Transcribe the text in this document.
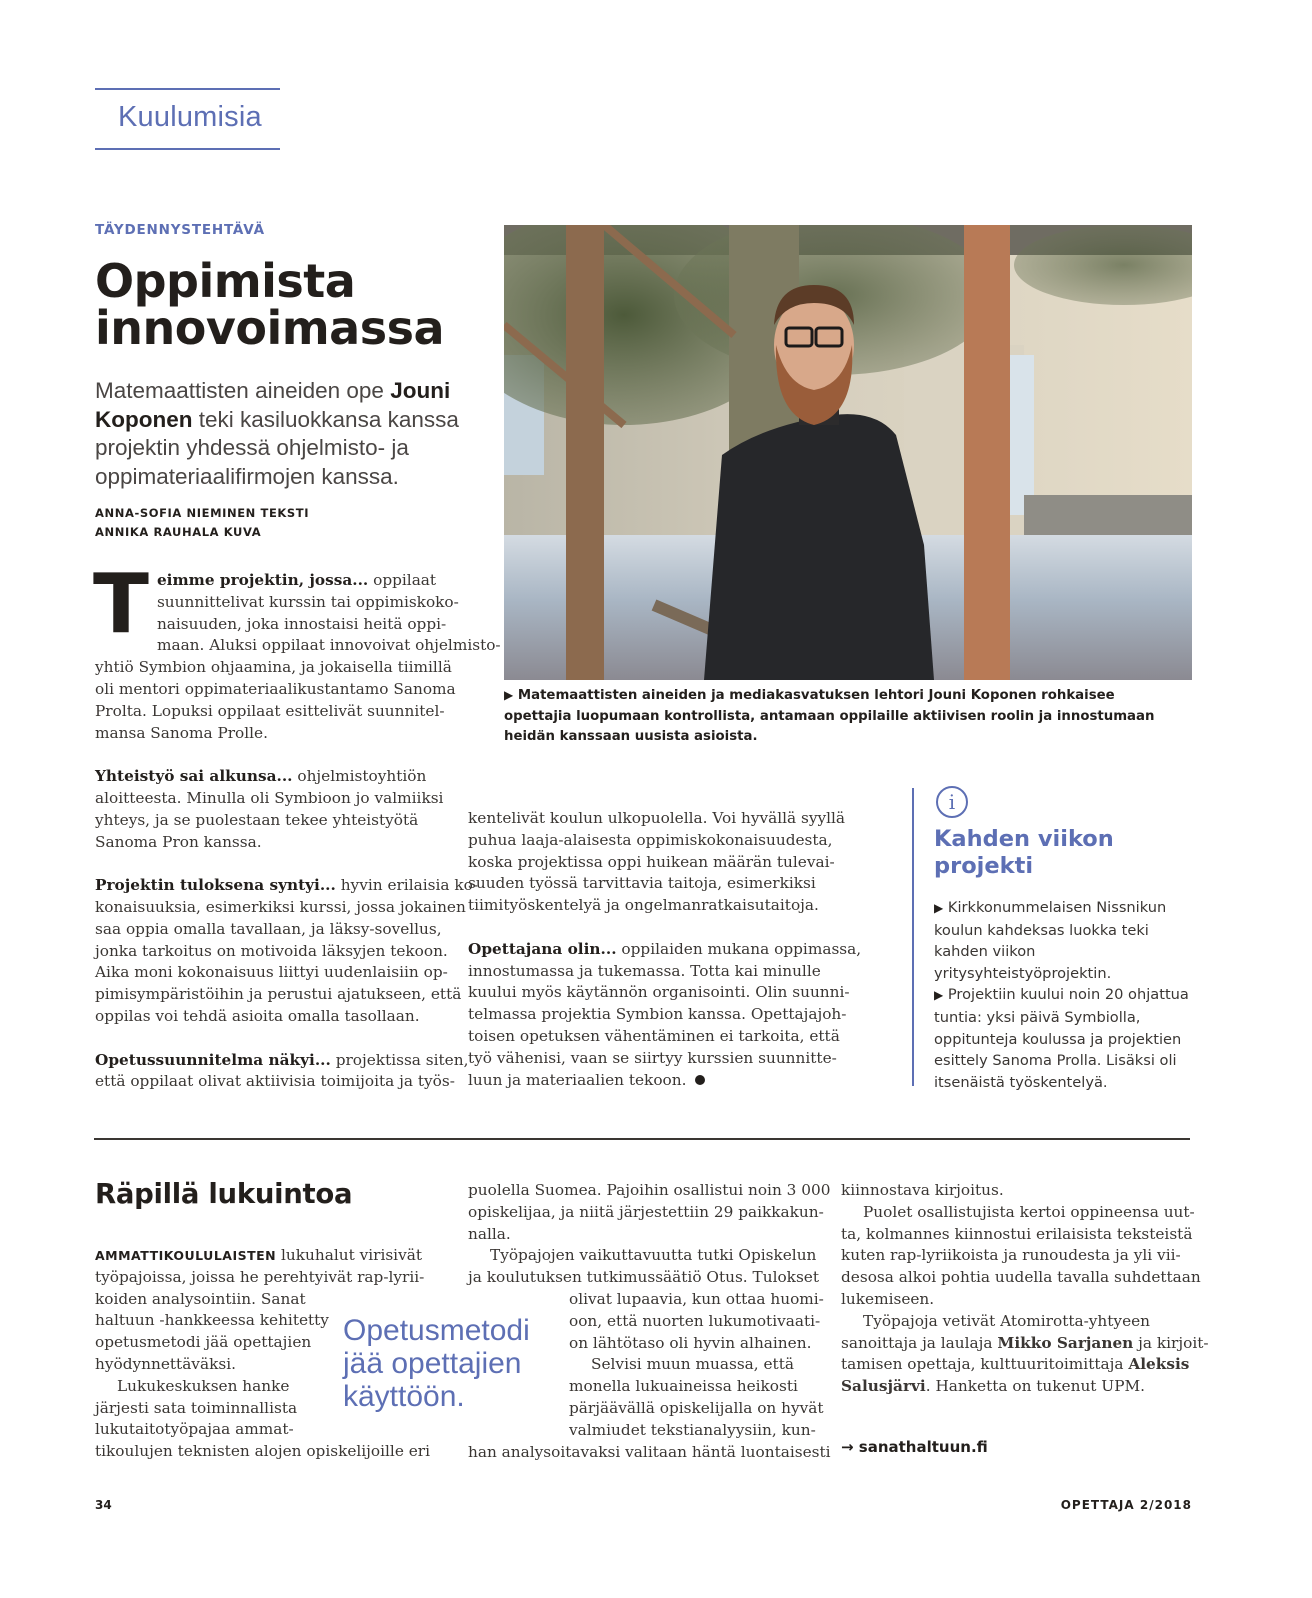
Kuulumisia
TÄYDENNYSTEHTÄVÄ
Oppimista
innovoimassa

Matemaattisten aineiden ope Jouni Koponen teki kasiluokkansa kanssa projektin yhdessä ohjelmisto- ja oppimateriaalifirmojen kanssa.

ANNA-SOFIA NIEMINEN TEKSTI
ANNIKA RAUHALA KUVA
T eimme projektin, jossa... oppilaat
suunnittelivat kurssin tai oppimiskoko-
naisuuden, joka innostaisi heitä oppi-
maan. Aluksi oppilaat innovoivat ohjelmisto-
yhtiö Symbion ohjaamina, ja jokaisella tiimillä
oli mentori oppimateriaalikustantamo Sanoma
Prolta. Lopuksi oppilaat esittelivät suunnitel-
mansa Sanoma Prolle.

Yhteistyö sai alkunsa... ohjelmistoyhtiön
aloitteesta. Minulla oli Symbioon jo valmiiksi
yhteys, ja se puolestaan tekee yhteistyötä
Sanoma Pron kanssa.

Projektin tuloksena syntyi... hyvin erilaisia ko-
konaisuuksia, esimerkiksi kurssi, jossa jokainen
saa oppia omalla tavallaan, ja läksy-sovellus,
jonka tarkoitus on motivoida läksyjen tekoon.
Aika moni kokonaisuus liittyi uudenlaisiin op-
pimisympäristöihin ja perustui ajatukseen, että
oppilas voi tehdä asioita omalla tasollaan.

Opetussuunnitelma näkyi... projektissa siten,
että oppilaat olivat aktiivisia toimijoita ja työs-

▶ Matemaattisten aineiden ja mediakasvatuksen lehtori Jouni Koponen rohkaisee opettajia luopumaan kontrollista, antamaan oppilaille aktiivisen roolin ja innostumaan heidän kanssaan uusista asioista.

kentelivät koulun ulkopuolella. Voi hyvällä syyllä
puhua laaja-alaisesta oppimiskokonaisuudesta,
koska projektissa oppi huikean määrän tulevai-
suuden työssä tarvittavia taitoja, esimerkiksi
tiimityöskentelyä ja ongelmanratkaisutaitoja.

Opettajana olin... oppilaiden mukana oppimassa,
innostumassa ja tukemassa. Totta kai minulle
kuului myös käytännön organisointi. Olin suunni-
telmassa projektia Symbion kanssa. Opettajajoh-
toisen opetuksen vähentäminen ei tarkoita, että
työ vähenisi, vaan se siirtyy kurssien suunnitte-
luun ja materiaalien tekoon.

i
Kahden viikon projekti

▶ Kirkkonummelaisen Nissnikun koulun kahdeksas luokka teki kahden viikon yritysyhteistyöprojektin.

▶ Projektiin kuului noin 20 ohjattua tuntia: yksi päivä Symbiolla, oppitunteja koulussa ja projektien esittely Sanoma Prolla. Lisäksi oli itsenäistä työskentelyä.

Räpillä lukuintoa
AMMATTIKOULULAISTEN lukuhalut virisivät
työpajoissa, joissa he perehtyivät rap-lyrii-
koiden analysointiin. Sanat
haltuun -hankkeessa kehitetty
opetusmetodi jää opettajien
hyödynnettäväksi.
Lukukeskuksen hanke
järjesti sata toiminnallista
lukutaitotyöpajaa ammat-
tikoulujen teknisten alojen opiskelijoille eri
Opetusmetodi
jää opettajien
käyttöön.
puolella Suomea. Pajoihin osallistui noin 3 000
opiskelijaa, ja niitä järjestettiin 29 paikkakun-
nalla.
Työpajojen vaikuttavuutta tutki Opiskelun
ja koulutuksen tutkimussäätiö Otus. Tulokset
olivat lupaavia, kun ottaa huomi-
oon, että nuorten lukumotivaati-
on lähtötaso oli hyvin alhainen.
Selvisi muun muassa, että
monella lukuaineissa heikosti
pärjäävällä opiskelijalla on hyvät
valmiudet tekstianalyysiin, kun-
han analysoitavaksi valitaan häntä luontaisesti
kiinnostava kirjoitus.
Puolet osallistujista kertoi oppineensa uut-
ta, kolmannes kiinnostui erilaisista teksteistä
kuten rap-lyriikoista ja runoudesta ja yli vii-
desosa alkoi pohtia uudella tavalla suhdettaan
lukemiseen.
Työpajoja vetivät Atomirotta-yhtyeen
sanoittaja ja laulaja Mikko Sarjanen ja kirjoit-
tamisen opettaja, kulttuuritoimittaja Aleksis
Salusjärvi. Hanketta on tukenut UPM.
→ sanathaltuun.fi
34	OPETTAJA 2/2018
